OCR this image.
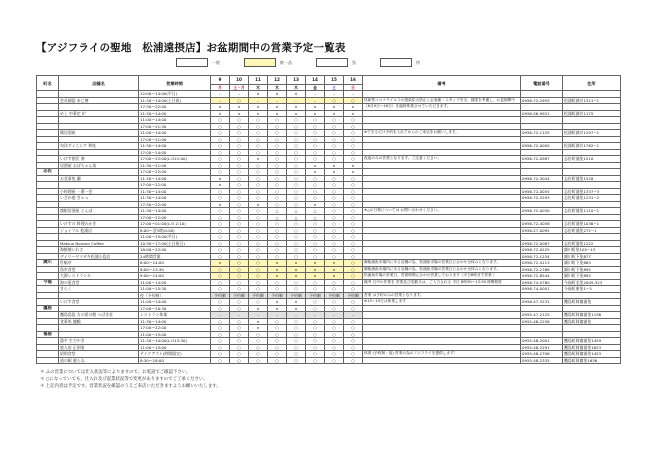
【アジフライの聖地　松浦遠摂店】お盆期間中の営業予定一覧表
一般	飲一品	魚	肉
町名	店舗名	営業時間	9	10	11	12	13	14	15	16	備考	電話番号	住所
			月	土・月	木	木	木	金	土	日			
		12:00〜14:00(平日)	–	–	×	×	×	–	–	–			
	会長調島 あじ寮	11:30〜14:00(土日祝)	–	○	–	–	–	–	○	○	体新型コロナウイルスの感染拡大防止と会客様・スタッフ安全、健康を考慮し、お盆期間中	0956-72-2955	松浦町調川1311−1
		17:30〜22:00	×	×	×	×	×	×	×	×	（8月9日〜16日）を臨時休業させていただきます。		
	めし 中華定 炉	11:30〜14:00	×	×	×	×	×	×	×	×		0956-56-9921	松浦町調川1175
		11:00〜14:00	○	○	○	○	○	○	○	○			
		17:00〜21:30	○	○	○	○	○	○	○	○			
	鶏居酒屋	11:00〜14:00	○	○	○	○	○	○	○	○	※できるだけ予約を入れてからのご来店をお願いします。	0956-72-1155	松浦町調川1297−1
		17:00〜21:00	○	○	○	○	○	○	○	○			
	旬洋ダイニング 和処	11:30〜14:00	○	○	○	○	○	○	○	○		0956-72-0005	松浦町調川1782−1
		17:00〜24:00	○	○	○	○	○	○	○	○			
	いけす割烹 奏	17:00〜22:00(L.O21:00)	○	○	×	○	○	○	○	○	夜夜のみの営業となります。ご注意ください。	0956-72-0987	志佐町浦免1510
	居酒屋 おばちゃん家	11:30〜21:00	○	○	○	○	○	×	×	×			
志佐		17:00〜22:00	○	○	○	○	○	×	×	×			
	お食事処 瀬	11:30〜14:00	×	○	○	○	○	○	○	○		0956-72-3044	志佐町浦免1528
		17:00〜22:00	×	○	○	○	○	○	○	○			
	小料理屋 一番一会	11:30〜14:00	○	○	○	○	○	○	○	○		0956-72-0055	志佐町浦免1337−3
	いざか庭 きゃっ	11:30〜14:00	○	○	○	○	○	○	○	○		0956-72-3293	志佐町浦免1231−2
		17:30〜22:00	×	○	×	○	○	×	○	○			
	旗根居酒屋 とんぼ	11:30〜14:00	○	○	○	△	△	△	○	○	※△の日程については お問い合わせください。	0956-72-0030	志佐町浦免1110−1
		17:00〜22:00	○	○	○	△	△	△	○	○			
	いけすの 料理みかき	17:00〜01:00(L.O 2:10)	○	○	○	○	○	○	○	○		0956-72-4056	志佐町浦免1036−1
	ジョイフル 松浦店	8:00〜翌3時(0:00)	○	○	○	○	○	○	○	○		0956-27-0095	志佐町浦免272−1
		11:00〜15:00(平日)	○	○	○	○	○	○	○	○			
	Matsuo Nousen Coffee	10:30〜17:00(土日祝日)	○	○	○	○	○	○	○	○		0956-72-0067	志佐町浦免1222
	海鮮焼いわさ	18:00〜22:00	○	○	○	○	○	○	○	○		0956-72-0225	調川町免105−13
	デイリーヤマザキ松浦小島店	24時間営業	○	○	○	○	○	○	○	○		0956-72-1234	調川町下免877
調川	牡蛎亭	8:00〜14:00	×	○	○	×	×	×	×	○	御船浦魚市場内にある店舗の為、松浦魚市場の営業日に合わせ全休みとなります。	0956-72-4113	調川町下免883
	魚市食堂	8:00〜13:30	○	○	○	×	×	×	×	○	御船浦魚市場内にある店舗の為、松浦魚市場の営業日に合わせ全休みとなります。	0956-72-2766	調川町下免895
	大源レストランセ	9:00〜14:00	○	○	○	×	×	×	×	○	松浦魚市場の営業日、営業時間に合わせ営業しております（平日8時まで営業 ）	0956-72-8544	調川町下免895
今福	海の恵食堂	11:00〜14:00	○	○	○	○	○	○	○	○	備考 日中の作業を 営業及び変動又は、ご入力される 平日 8時30〜13:30 時間程度	0956-74-0760	今福町北免2009-323
	きらく	11:00〜15:30	○	○	○	○	○	○	○	○		0956-74-0001	今福町東免1−3
		夜（予約制）	予約制	予約制	予約制	予約制	予約制	予約制	予約制	予約制	営業 は予約のみの営業となります。		
	いけす食堂	11:00〜14:00	○	○	○	×	×	○	○	○	※13〜15日は休業します	0956-47-3231	鷹島町阿翁浦免
鷹島		17:00〜20:30	○	○	×	×	×	○	○	○			
	鷹島島島 方の景の館 つばき荘	レストラン休業	–	–	–	–	–	–	–	–		0955-47-2125	鷹島町阿翁浦免1136
	食事処 龍鶴	11:30〜14:00	○	○	×	○	○	○	○	○		0955-48-2256	鷹島町阿翁浦免
		17:00〜22:00	○	○	×	○	○	○	○	○			
福島		11:00〜15:00	○	○	○	○	○	○	○	○			
	漁平 生力やき	11:30〜14:00(L.O13:30)	○	○	○	○	○	○	○	○		0955-48-2001	鷹島町阿翁浦免1459
	旅人宿 正則家	11:00〜15:00	○	○	○	○	○	○	○	○		0955-48-2291	鷹島町阿翁浦免1623
	昭明食堂	テイクアウト(時間限定)	○	○	○	○	○	○	○	○	休業 (予約制・夜) 営業の為のアジフライを提供します！	0955-48-2706	鷹島町阿翁浦免1453
	道の駅 遊らね	8:30〜18:00	○	○	○	○	○	○	○	○		0955-48-2335	鷹島町阿翁免1636
＊ ふの営業については仕入状況等によりますので、お電話でご確認下さい。
＊ ○になっていても、仕入れ及び起業状況等で変更がありますのでご了承ください。
＊ 上記内容は予定です。営業状況を確認のうえご来店いただきますようお願いいたします。
